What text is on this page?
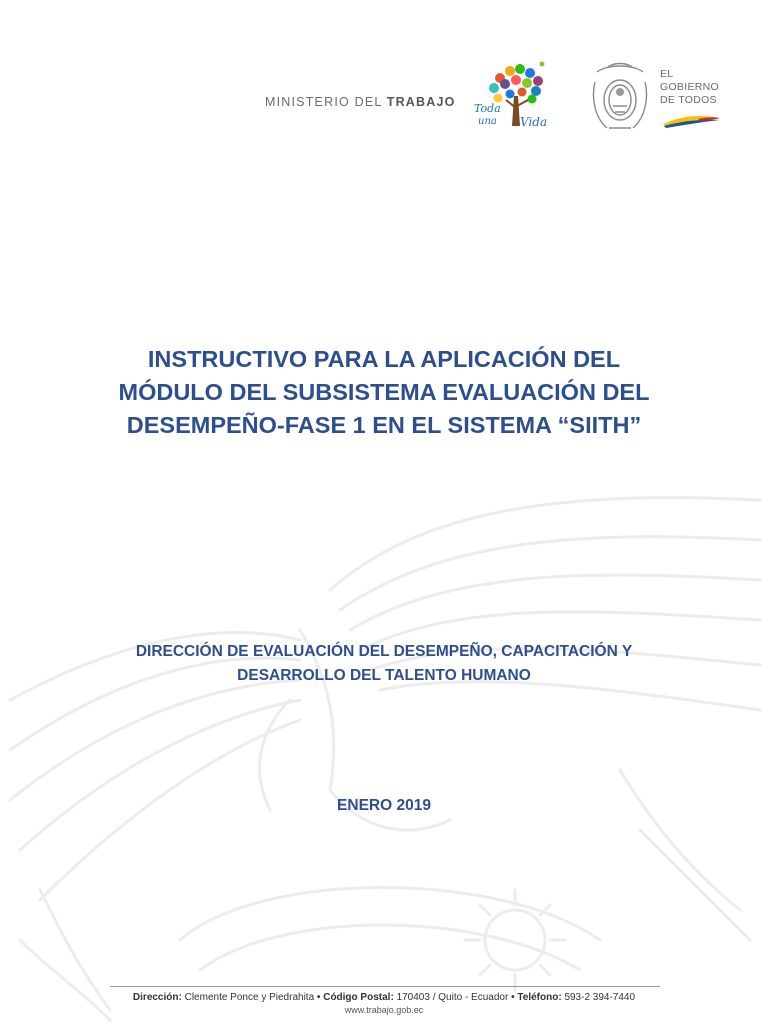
MINISTERIO DEL TRABAJO Toda
una Vida
EL
GOBIERNO
DE TODOS
INSTRUCTIVO PARA LA APLICACIÓN DEL
MÓDULO DEL SUBSISTEMA EVALUACIÓN DEL
DESEMPEÑO-FASE 1 EN EL SISTEMA “SIITH”
DIRECCIÓN DE EVALUACIÓN DEL DESEMPEÑO, CAPACITACIÓN Y
DESARROLLO DEL TALENTO HUMANO
ENERO 2019
Dirección: Clemente Ponce y Piedrahita • Código Postal: 170403 / Quito - Ecuador • Teléfono: 593-2 394-7440
www.trabajo.gob.ec
